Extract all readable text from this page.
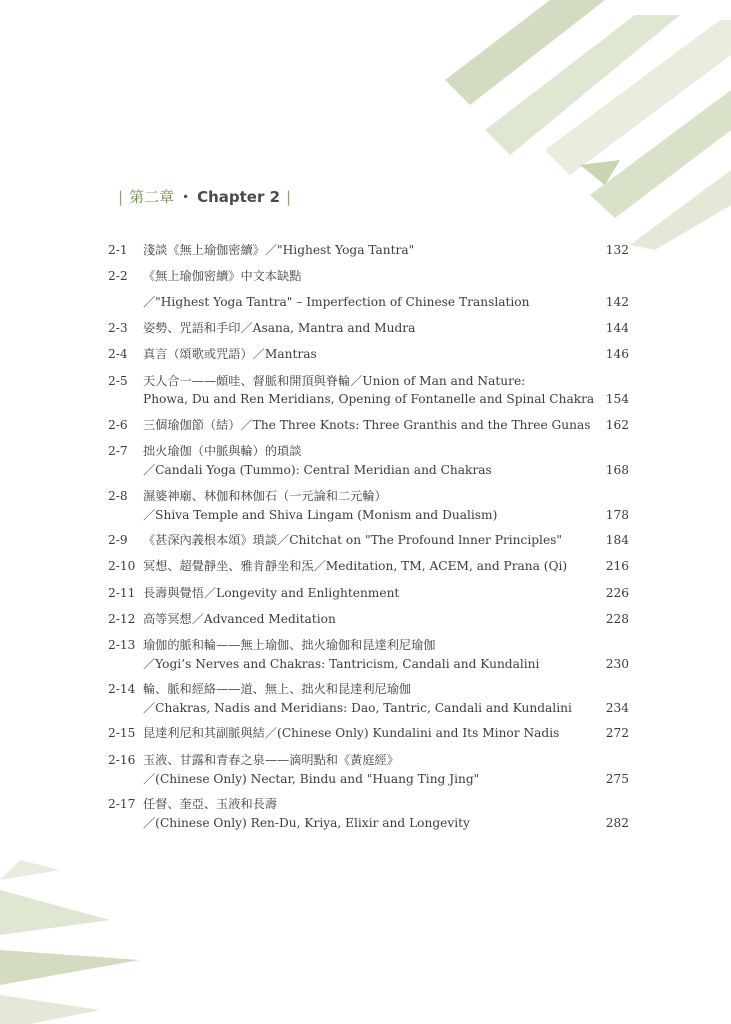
| 第二章 ・ Chapter 2 |
2-1	淺談《無上瑜伽密續》／"Highest Yoga Tantra"	132
2-2	《無上瑜伽密續》中文本缺點
／"Highest Yoga Tantra" – Imperfection of Chinese Translation	142
2-3	姿勢、咒語和手印／Asana, Mantra and Mudra	144
2-4	真言（頌歌或咒語）／Mantras	146
2-5	天人合一——頗哇、督脈和開頂與脊輪／Union of Man and Nature:
Phowa, Du and Ren Meridians, Opening of Fontanelle and Spinal Chakra 154
2-6	三個瑜伽節（結）／The Three Knots: Three Granthis and the Three Gunas 162
2-7	拙火瑜伽（中脈與輪）的瑣談
／Candali Yoga (Tummo): Central Meridian and Chakras	168
2-8	濕婆神廟、林伽和林伽石（一元論和二元輪）
／Shiva Temple and Shiva Lingam (Monism and Dualism)	178
2-9	《甚深內義根本頌》瑣談／Chitchat on "The Profound lnner Principles"	184
2-10 冥想、超覺靜坐、雅肯靜坐和炁／Meditation, TM, ACEM, and Prana (Qi)	216
2-11 長壽與覺悟／Longevity and Enlightenment	226
2-12 高等冥想／Advanced Meditation	228
2-13 瑜伽的脈和輪——無上瑜伽、拙火瑜伽和昆達利尼瑜伽
／Yogi’s Nerves and Chakras: Tantricism, Candali and Kundalini	230
2-14 輪、脈和經絡——道、無上、拙火和昆達利尼瑜伽
／Chakras, Nadis and Meridians: Dao, Tantric, Candali and Kundalini	234
2-15 昆達利尼和其副脈與結／(Chinese Only) Kundalini and Its Minor Nadis	272
2-16 玉液、甘露和青春之泉——滴明點和《黃庭經》
／(Chinese Only) Nectar, Bindu and "Huang Ting Jing"	275
2-17 任督、奎亞、玉液和長壽
／(Chinese Only) Ren-Du, Kriya, Elixir and Longevity	282
